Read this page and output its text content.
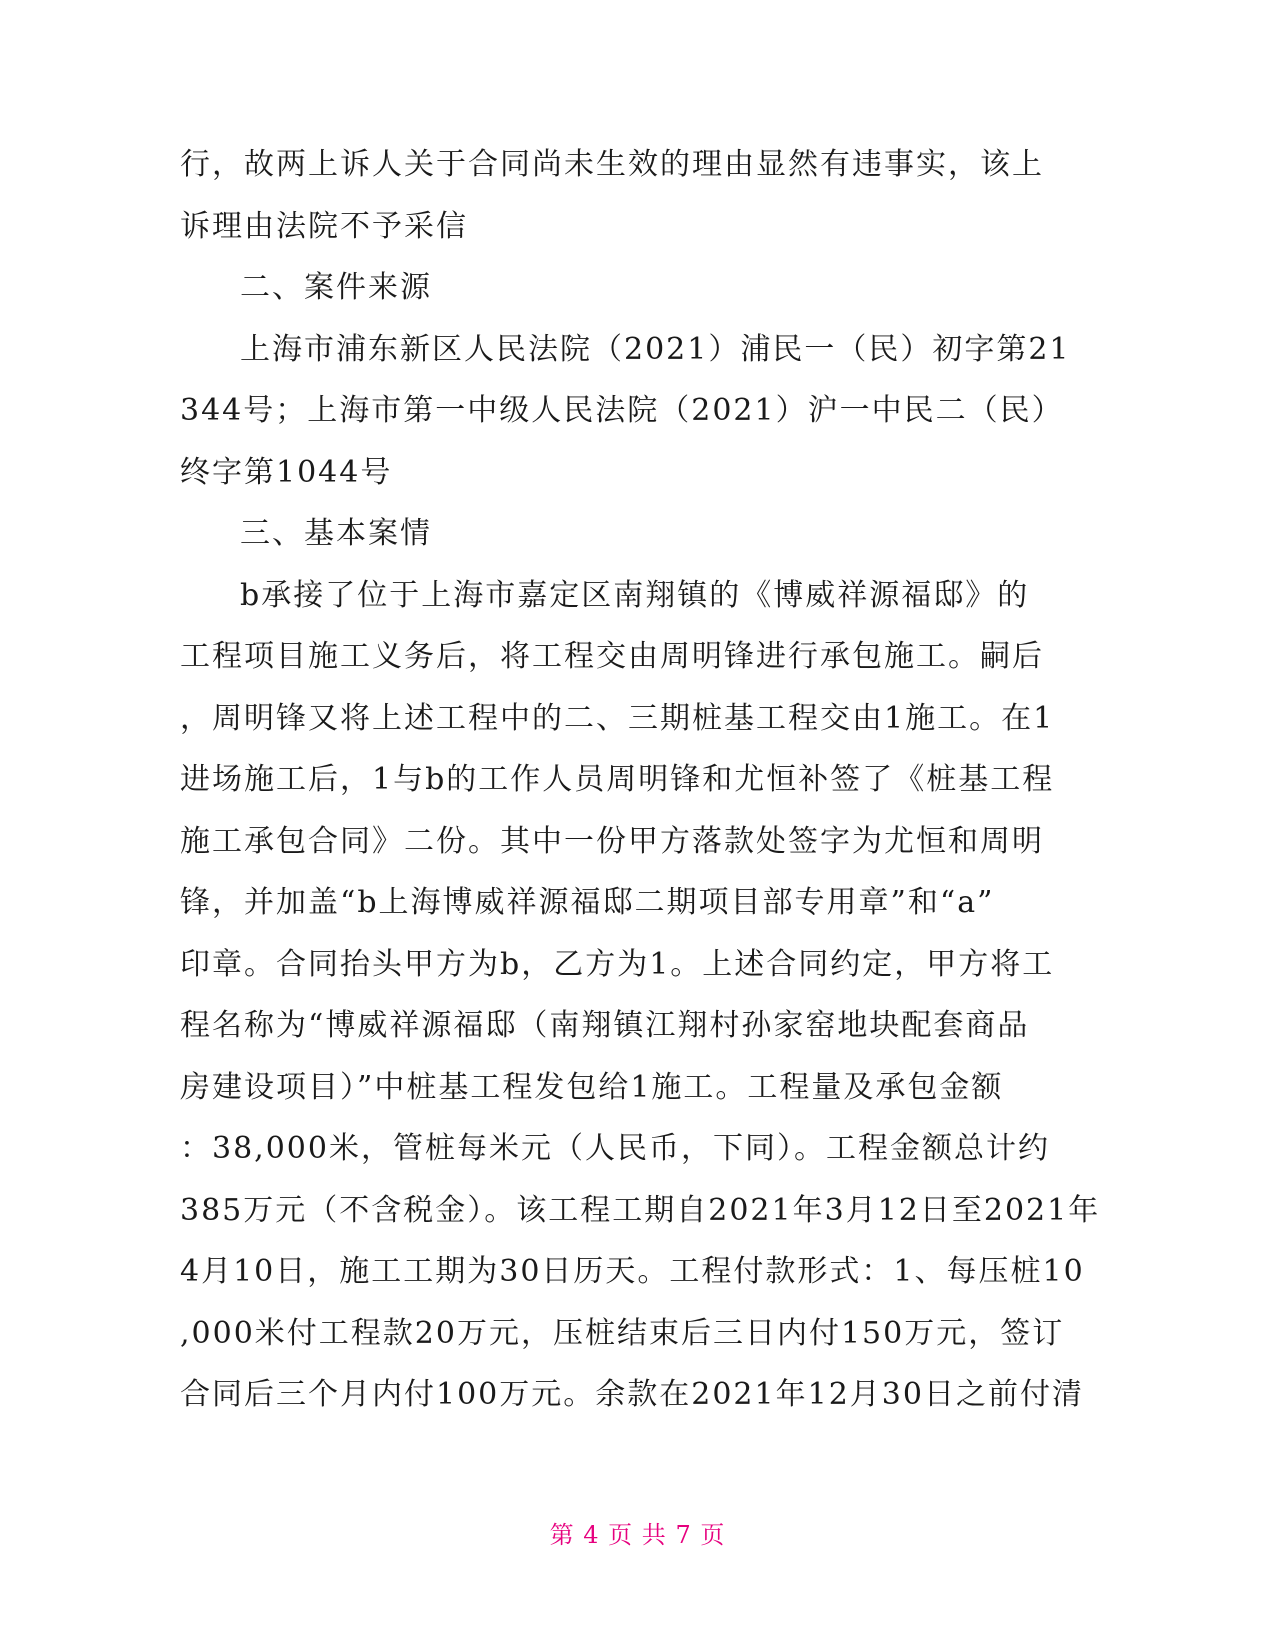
行，故两上诉人关于合同尚未生效的理由显然有违事实，该上
诉理由法院不予采信
二、案件来源
上海市浦东新区人民法院（2021）浦民一（民）初字第21
344号；上海市第一中级人民法院（2021）沪一中民二（民）
终字第1044号
三、基本案情
b承接了位于上海市嘉定区南翔镇的《博威祥源福邸》的
工程项目施工义务后，将工程交由周明锋进行承包施工。嗣后
，周明锋又将上述工程中的二、三期桩基工程交由1施工。在1
进场施工后，1与b的工作人员周明锋和尤恒补签了《桩基工程
施工承包合同》二份。其中一份甲方落款处签字为尤恒和周明
锋，并加盖“b上海博威祥源福邸二期项目部专用章”和“a”
印章。合同抬头甲方为b，乙方为1。上述合同约定，甲方将工
程名称为“博威祥源福邸（南翔镇江翔村孙家窑地块配套商品
房建设项目）”中桩基工程发包给1施工。工程量及承包金额
：38,000米，管桩每米元（人民币，下同）。工程金额总计约
385万元（不含税金）。该工程工期自2021年3月12日至2021年
4月10日，施工工期为30日历天。工程付款形式：1、每压桩10
,000米付工程款20万元，压桩结束后三日内付150万元，签订
合同后三个月内付100万元。余款在2021年12月30日之前付清
第 4 页 共 7 页
